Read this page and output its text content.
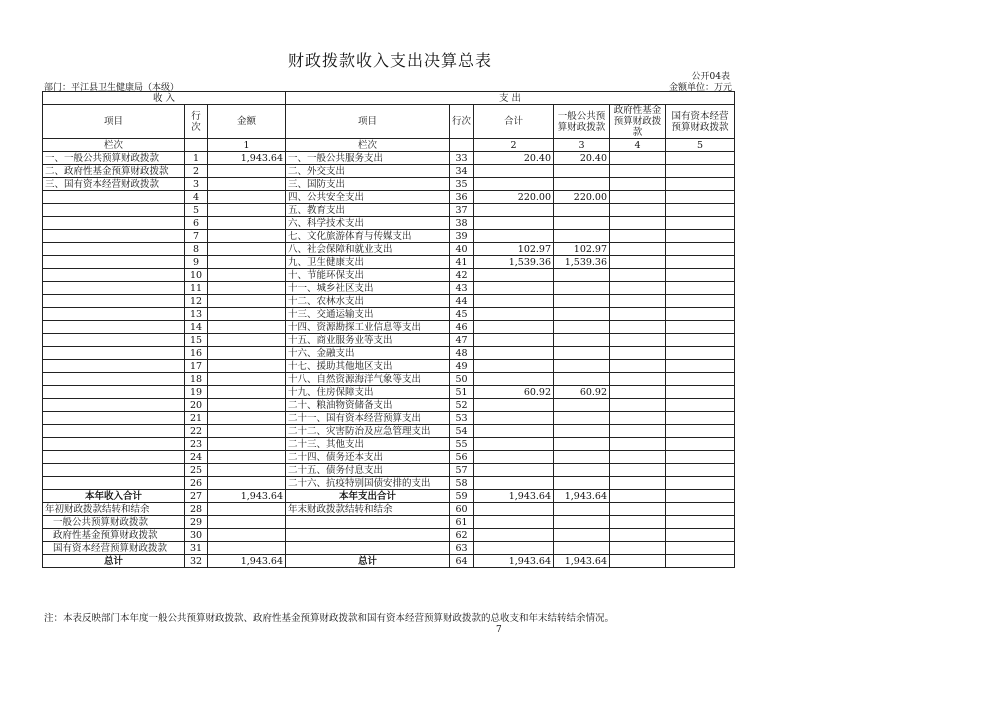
财政拨款收入支出决算总表
公开04表
部门：平江县卫生健康局（本级）	金额单位：万元
收 入			支 出					
项目	行次	金额	项目	行次	合计	一般公共预算财政拨款	政府性基金预算财政拨款	国有资本经营预算财政拨款
栏次		1	栏次		2	3	4	5
一、一般公共预算财政拨款	1	1,943.64	一、一般公共服务支出	33	20.40	20.40		
二、政府性基金预算财政拨款	2		二、外交支出	34				
三、国有资本经营财政拨款	3		三、国防支出	35				
	4		四、公共安全支出	36	220.00	220.00		
	5		五、教育支出	37				
	6		六、科学技术支出	38				
	7		七、文化旅游体育与传媒支出	39				
	8		八、社会保障和就业支出	40	102.97	102.97		
	9		九、卫生健康支出	41	1,539.36	1,539.36		
	10		十、节能环保支出	42				
	11		十一、城乡社区支出	43				
	12		十二、农林水支出	44				
	13		十三、交通运输支出	45				
	14		十四、资源勘探工业信息等支出	46				
	15		十五、商业服务业等支出	47				
	16		十六、金融支出	48				
	17		十七、援助其他地区支出	49				
	18		十八、自然资源海洋气象等支出	50				
	19		十九、住房保障支出	51	60.92	60.92		
	20		二十、粮油物资储备支出	52				
	21		二十一、国有资本经营预算支出	53				
	22		二十二、灾害防治及应急管理支出	54				
	23		二十三、其他支出	55				
	24		二十四、债务还本支出	56				
	25		二十五、债务付息支出	57				
	26		二十六、抗疫特别国债安排的支出	58				
本年收入合计	27	1,943.64	本年支出合计	59	1,943.64	1,943.64		
年初财政拨款结转和结余	28		年末财政拨款结转和结余	60				
一般公共预算财政拨款	29			61				
政府性基金预算财政拨款	30			62				
国有资本经营预算财政拨款	31			63				
总计	32	1,943.64	总计	64	1,943.64	1,943.64		
注：本表反映部门本年度一般公共预算财政拨款、政府性基金预算财政拨款和国有资本经营预算财政拨款的总收支和年末结转结余情况。
7
